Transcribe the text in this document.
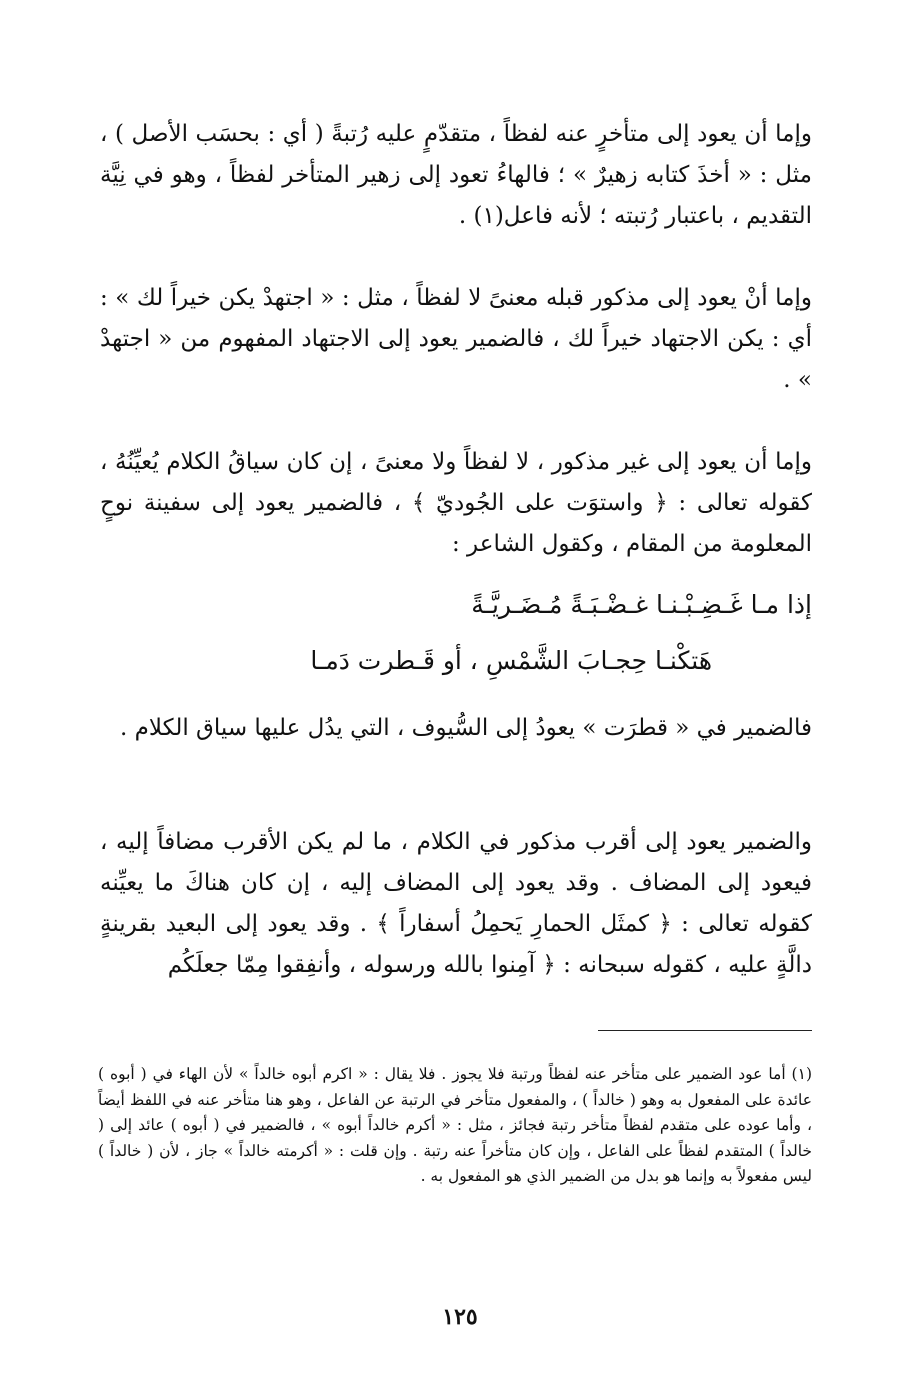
وإما أن يعود إلى متأخرٍ عنه لفظاً ، متقدّمٍ عليه رُتبةً ( أي : بحسَب الأصل ) ، مثل : « أخذَ كتابه زهيرٌ » ؛ فالهاءُ تعود إلى زهير المتأخر لفظاً ، وهو في نِيَّة التقديم ، باعتبار رُتبته ؛ لأنه فاعل(١) .

وإما أنْ يعود إلى مذكور قبله معنىً لا لفظاً ، مثل : « اجتهدْ يكن خيراً لك » : أي : يكن الاجتهاد خيراً لك ، فالضمير يعود إلى الاجتهاد المفهوم من « اجتهدْ » .

وإما أن يعود إلى غير مذكور ، لا لفظاً ولا معنىً ، إن كان سياقُ الكلام يُعيِّنُهُ ، كقوله تعالى : ﴿ واستوَت على الجُوديّ ﴾ ، فالضمير يعود إلى سفينة نوحٍ المعلومة من المقام ، وكقول الشاعر :

إذا مـا غَـضِـبْـنـا غـضْـبَـةً مُـضَـريَّـةً

هَتكْنـا حِجـابَ الشَّمْسِ ، أو قَـطرت دَمـا

فالضمير في « قطرَت » يعودُ إلى السُّيوف ، التي يدُل عليها سياق الكلام .

والضمير يعود إلى أقرب مذكور في الكلام ، ما لم يكن الأقرب مضافاً إليه ، فيعود إلى المضاف . وقد يعود إلى المضاف إليه ، إن كان هناكَ ما يعيِّنه كقوله تعالى : ﴿ كمثَل الحمارِ يَحمِلُ أسفاراً ﴾ . وقد يعود إلى البعيد بقرينةٍ دالَّةٍ عليه ، كقوله سبحانه : ﴿ آمِنوا بالله ورسوله ، وأنفِقوا مِمّا جعلَكُم

(١) أما عود الضمير على متأخر عنه لفظاً ورتبة فلا يجوز . فلا يقال : « اكرم أبوه خالداً » لأن الهاء في ( أبوه ) عائدة على المفعول به وهو ( خالداً ) ، والمفعول متأخر في الرتبة عن الفاعل ، وهو هنا متأخر عنه في اللفظ أيضاً ، وأما عوده على متقدم لفظاً متأخر رتبة فجائز ، مثل : « أكرم خالداً أبوه » ، فالضمير في ( أبوه ) عائد إلى ( خالداً ) المتقدم لفظاً على الفاعل ، وإن كان متأخراً عنه رتبة . وإن قلت : « أكرمته خالداً » جاز ، لأن ( خالداً ) ليس مفعولاً به وإنما هو بدل من الضمير الذي هو المفعول به .

١٢٥
